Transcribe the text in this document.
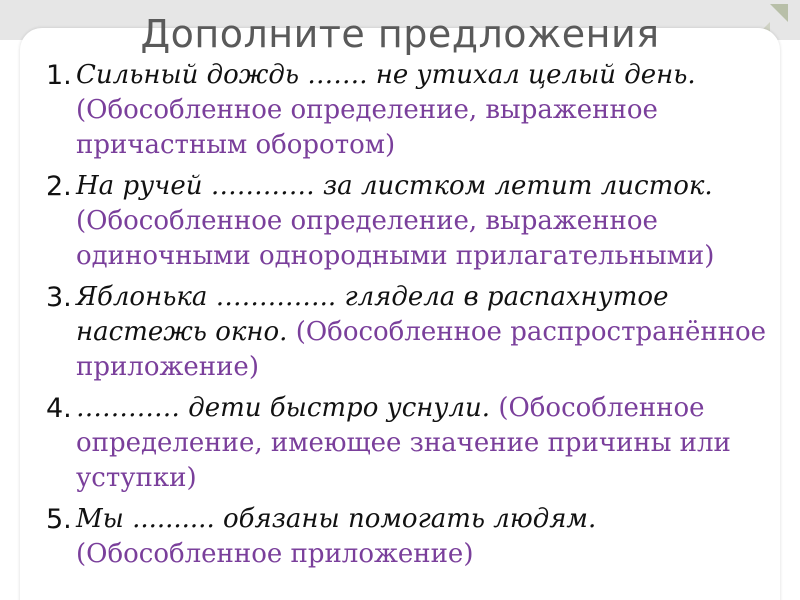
Дополните предложения
1. Сильный дождь ……. не утихал целый день. (Обособленное определение, выраженное причастным оборотом)
2. На ручей ………… за листком летит листок. (Обособленное определение, выраженное одиночными однородными прилагательными)
3. Яблонька ………….. глядела в распахнутое настежь окно. (Обособленное распространённое приложение)
4. ………… дети быстро уснули. (Обособленное определение, имеющее значение причины или уступки)
5. Мы .......... обязаны помогать людям. (Обособленное приложение)
